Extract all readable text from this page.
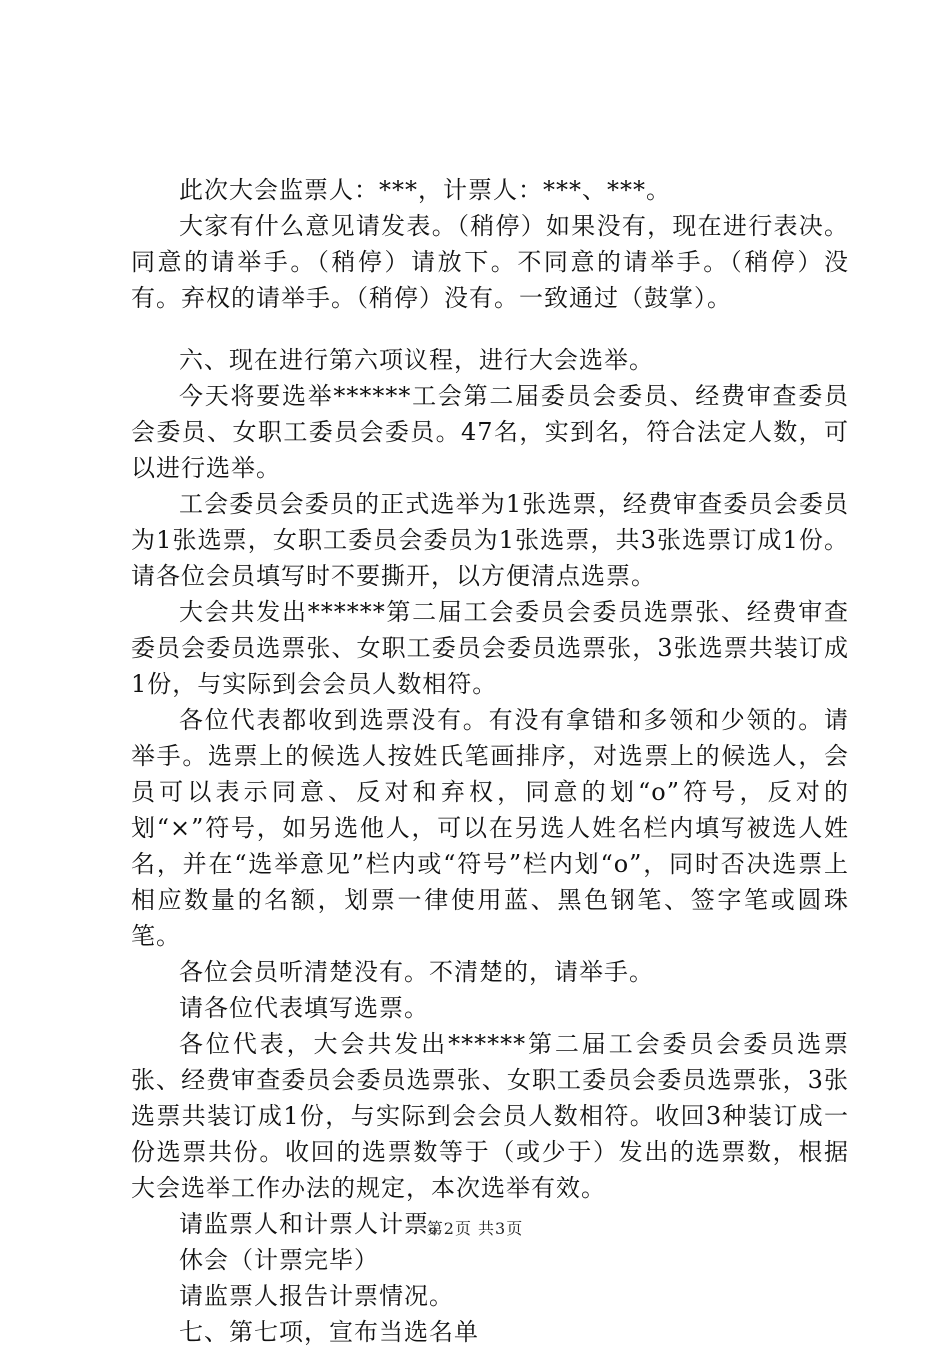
此次大会监票人：***，计票人：***、***。

大家有什么意见请发表。（稍停）如果没有，现在进行表决。同意的请举手。（稍停）请放下。不同意的请举手。（稍停）没有。弃权的请举手。（稍停）没有。一致通过（鼓掌）。

六、现在进行第六项议程，进行大会选举。

今天将要选举******工会第二届委员会委员、经费审查委员会委员、女职工委员会委员。47名，实到名，符合法定人数，可以进行选举。

工会委员会委员的正式选举为1张选票，经费审查委员会委员为1张选票，女职工委员会委员为1张选票，共3张选票订成1份。请各位会员填写时不要撕开，以方便清点选票。

大会共发出******第二届工会委员会委员选票张、经费审查委员会委员选票张、女职工委员会委员选票张，3张选票共装订成1份，与实际到会会员人数相符。

各位代表都收到选票没有。有没有拿错和多领和少领的。请举手。选票上的候选人按姓氏笔画排序，对选票上的候选人，会员可以表示同意、反对和弃权，同意的划“o”符号，反对的划“×”符号，如另选他人，可以在另选人姓名栏内填写被选人姓名，并在“选举意见”栏内或“符号”栏内划“o”，同时否决选票上相应数量的名额，划票一律使用蓝、黑色钢笔、签字笔或圆珠笔。

各位会员听清楚没有。不清楚的，请举手。

请各位代表填写选票。

各位代表，大会共发出******第二届工会委员会委员选票张、经费审查委员会委员选票张、女职工委员会委员选票张，3张选票共装订成1份，与实际到会会员人数相符。收回3种装订成一份选票共份。收回的选票数等于（或少于）发出的选票数，根据大会选举工作办法的规定，本次选举有效。

请监票人和计票人计票。

休会（计票完毕）

请监票人报告计票情况。

七、第七项，宣布当选名单

第2页 共3页
